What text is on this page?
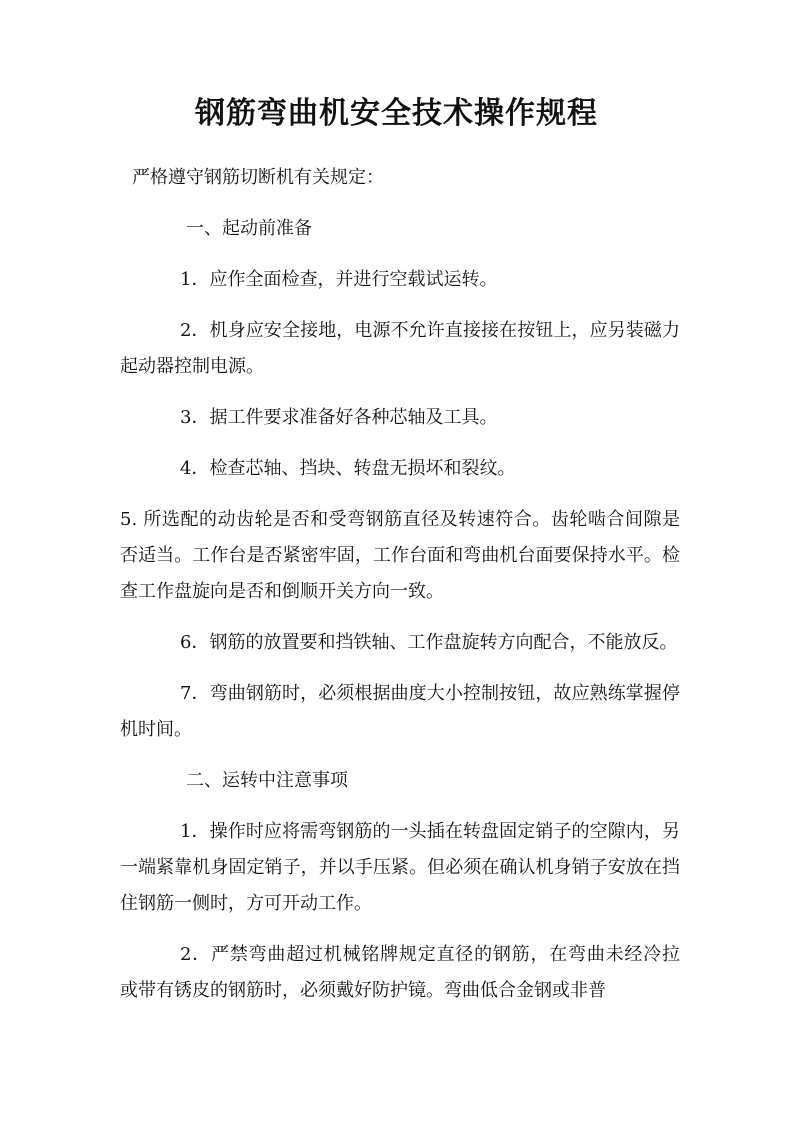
钢筋弯曲机安全技术操作规程

严格遵守钢筋切断机有关规定：

一、起动前准备

1．应作全面检查，并进行空载试运转。

2．机身应安全接地，电源不允许直接接在按钮上，应另装磁力起动器控制电源。

3．据工件要求准备好各种芯轴及工具。

4．检查芯轴、挡块、转盘无损坏和裂纹。

5. 所选配的动齿轮是否和受弯钢筋直径及转速符合。齿轮啮合间隙是否适当。工作台是否紧密牢固，工作台面和弯曲机台面要保持水平。检查工作盘旋向是否和倒顺开关方向一致。

6．钢筋的放置要和挡铁轴、工作盘旋转方向配合，不能放反。

7．弯曲钢筋时，必须根据曲度大小控制按钮，故应熟练掌握停机时间。

二、运转中注意事项

1．操作时应将需弯钢筋的一头插在转盘固定销子的空隙内，另一端紧靠机身固定销子，并以手压紧。但必须在确认机身销子安放在挡住钢筋一侧时，方可开动工作。

2．严禁弯曲超过机械铭牌规定直径的钢筋，在弯曲未经冷拉　 或带有锈皮的钢筋时，必须戴好防护镜。弯曲低合金钢或非普
